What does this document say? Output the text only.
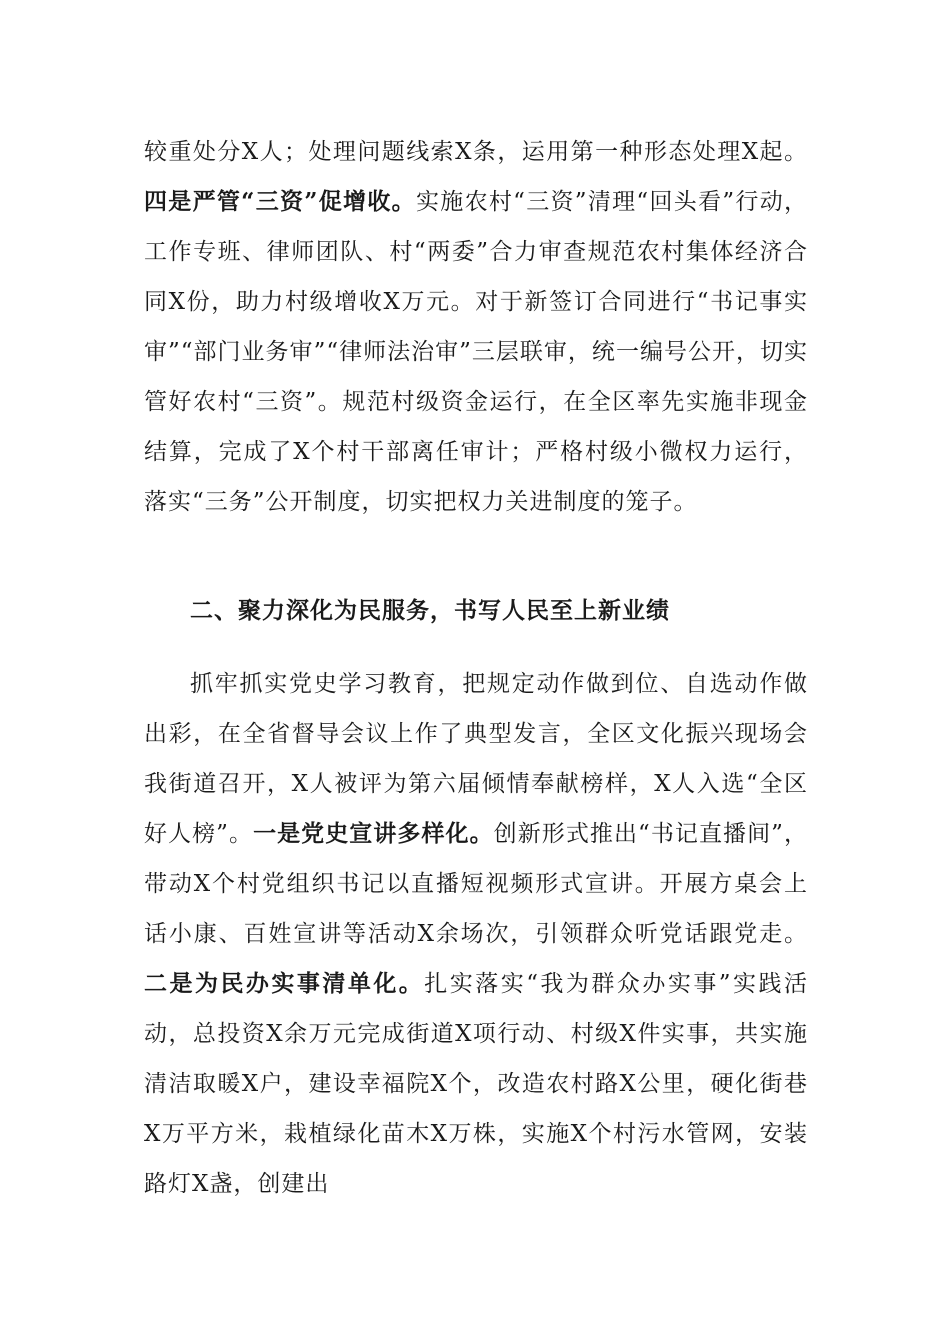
较重处分X人；处理问题线索X条，运用第一种形态处理X起。四是严管“三资”促增收。实施农村“三资”清理“回头看”行动，工作专班、律师团队、村“两委”合力审查规范农村集体经济合同X份，助力村级增收X万元。对于新签订合同进行“书记事实审”“部门业务审”“律师法治审”三层联审，统一编号公开，切实管好农村“三资”。规范村级资金运行，在全区率先实施非现金结算，完成了X个村干部离任审计；严格村级小微权力运行，落实“三务”公开制度，切实把权力关进制度的笼子。

二、聚力深化为民服务，书写人民至上新业绩

抓牢抓实党史学习教育，把规定动作做到位、自选动作做出彩，在全省督导会议上作了典型发言，全区文化振兴现场会我街道召开，X人被评为第六届倾情奉献榜样，X人入选“全区好人榜”。一是党史宣讲多样化。创新形式推出“书记直播间”，带动X个村党组织书记以直播短视频形式宣讲。开展方桌会上话小康、百姓宣讲等活动X余场次，引领群众听党话跟党走。二是为民办实事清单化。扎实落实“我为群众办实事”实践活动，总投资X余万元完成街道X项行动、村级X件实事，共实施清洁取暖X户，建设幸福院X个，改造农村路X公里，硬化街巷X万平方米，栽植绿化苗木X万株，实施X个村污水管网，安装路灯X盏，创建出
